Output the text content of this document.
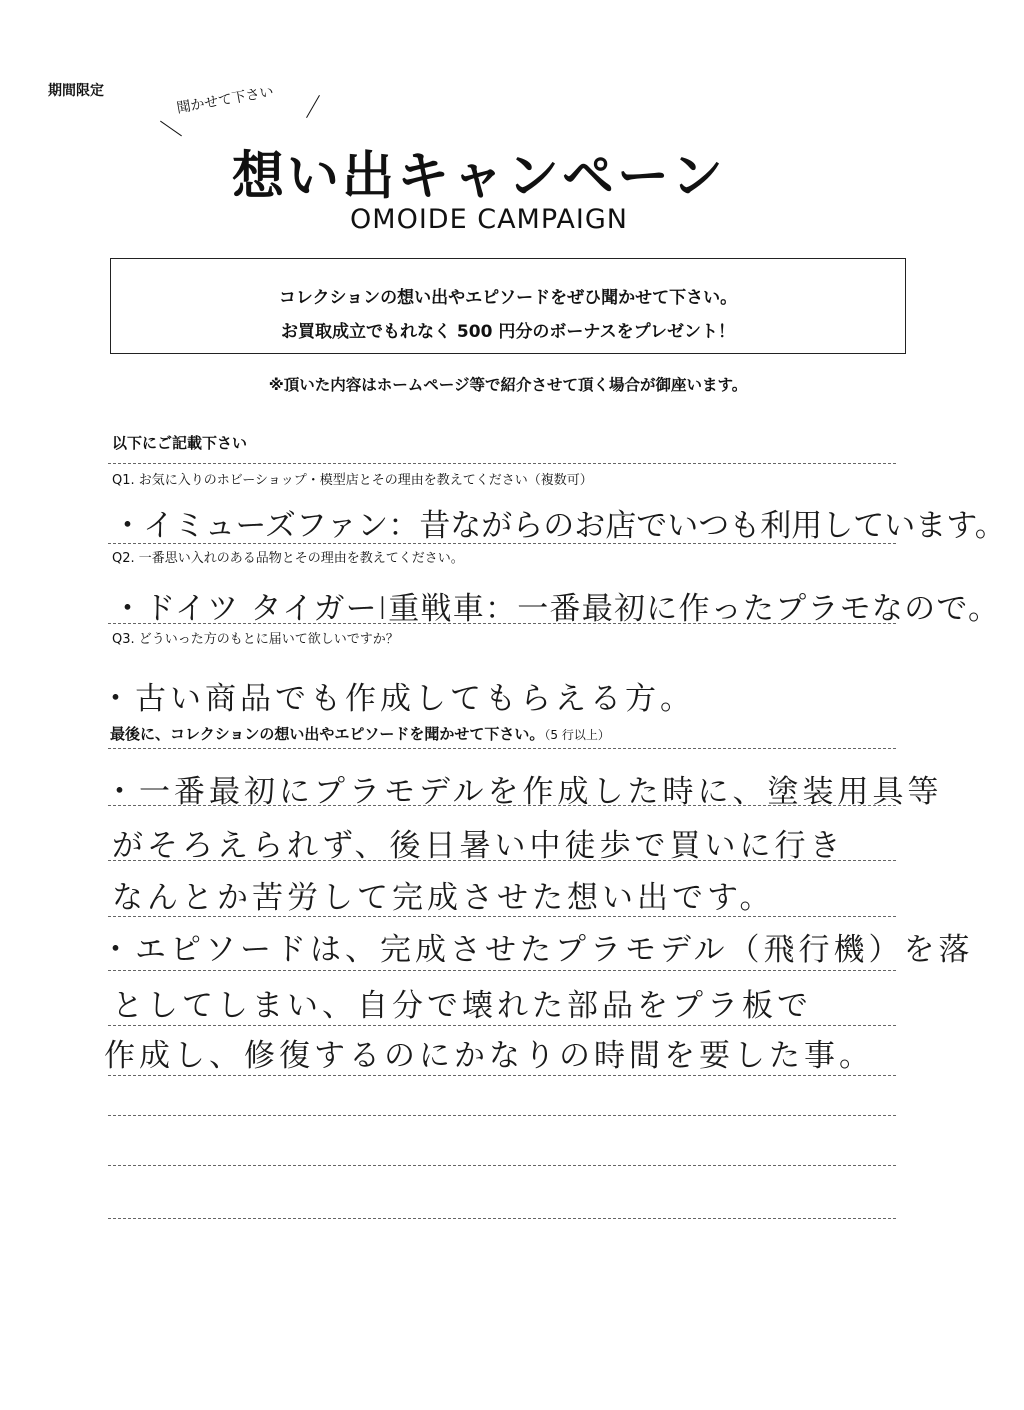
期間限定	聞かせて下さい
想い出キャンペーン
OMOIDE CAMPAIGN
コレクションの想い出やエピソードをぜひ聞かせて下さい。
お買取成立でもれなく 500 円分のボーナスをプレゼント！
※頂いた内容はホームページ等で紹介させて頂く場合が御座います。
以下にご記載下さい
Q1. お気に入りのホビーショップ・模型店とその理由を教えてください（複数可）
・イミューズファン：昔ながらのお店でいつも利用しています。
Q2. 一番思い入れのある品物とその理由を教えてください。
・ドイツ タイガーⅠ重戦車：一番最初に作ったプラモなので。
Q3. どういった方のもとに届いて欲しいですか？
・古い商品でも作成してもらえる方。
最後に、コレクションの想い出やエピソードを聞かせて下さい。（5 行以上）
・一番最初にプラモデルを作成した時に、塗装用具等
がそろえられず、後日暑い中徒歩で買いに行き
なんとか苦労して完成させた想い出です。
・エピソードは、完成させたプラモデル（飛行機）を落
としてしまい、自分で壊れた部品をプラ板で
作成し、修復するのにかなりの時間を要した事。
